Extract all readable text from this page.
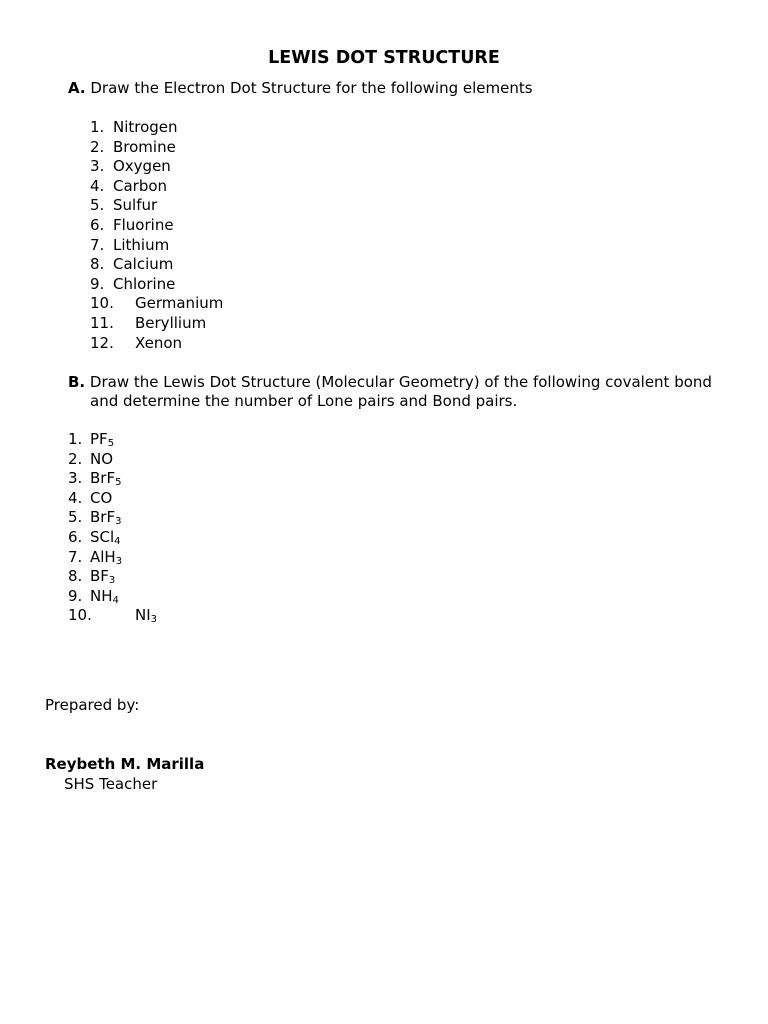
LEWIS DOT STRUCTURE
A. Draw the Electron Dot Structure for the following elements
1. Nitrogen
2. Bromine
3. Oxygen
4. Carbon
5. Sulfur
6. Fluorine
7. Lithium
8. Calcium
9. Chlorine
10. Germanium
11. Beryllium
12. Xenon
B. Draw the Lewis Dot Structure (Molecular Geometry) of the following covalent bond
and determine the number of Lone pairs and Bond pairs.
1. $PF_5$
2. NO
3. BrF$_5$
4. CO
5. BrF$_3$
6. SCl$_4$
7. AlH$_3$
8. $BF_3$
9. $NH_4$
10.	$NI_3$
Prepared by:
Reybeth M. Marilla
SHS Teacher
